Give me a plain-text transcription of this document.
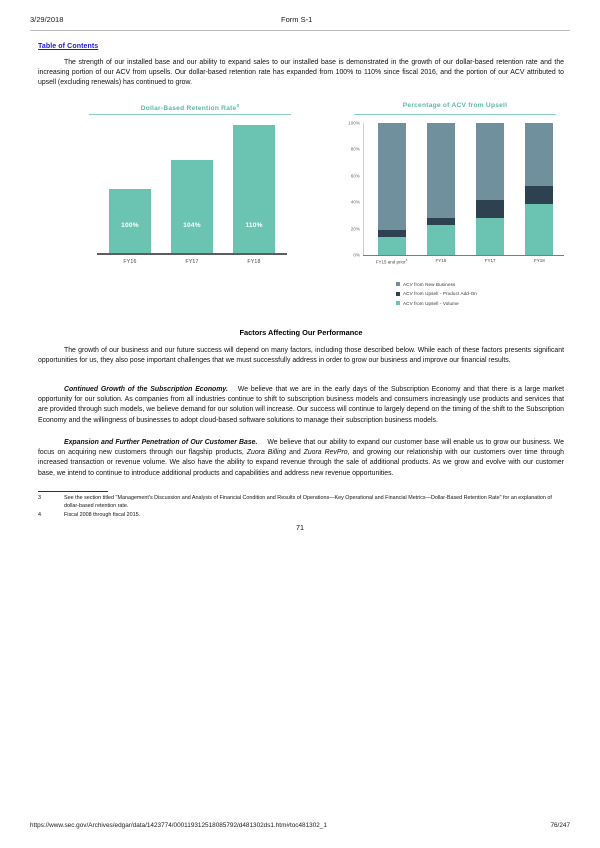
3/29/2018	Form S-1
Table of Contents
The strength of our installed base and our ability to expand sales to our installed base is demonstrated in the growth of our dollar-based retention rate and the increasing portion of our ACV from upsells. Our dollar-based retention rate has expanded from 100% to 110% since fiscal 2016, and the portion of our ACV attributed to upsell (excluding renewals) has continued to grow.
Dollar-Based Retention Rate$^3$
100%	104%	110%
FY16	FY17	FY18
Percentage of ACV from Upsell
0%
20%
40%
60%
80%
100%
FY15 and prior$^4$	FY16	FY17	FY18
ACV from New Business
ACV from Upsell - Product Add-On
ACV from Upsell - Volume
Factors Affecting Our Performance
The growth of our business and our future success will depend on many factors, including those described below. While each of these factors presents significant opportunities for us, they also pose important challenges that we must successfully address in order to grow our business and improve our financial results.
Continued Growth of the Subscription Economy. We believe that we are in the early days of the Subscription Economy and that there is a large market opportunity for our solution. As companies from all industries continue to shift to subscription business models and consumers increasingly use products and services that are provided through such models, we believe demand for our solution will increase. Our success will continue to largely depend on the timing of the shift to the Subscription Economy and the willingness of businesses to adopt cloud-based software solutions to manage their subscription business models.
Expansion and Further Penetration of Our Customer Base. We believe that our ability to expand our customer base will enable us to grow our business. We focus on acquiring new customers through our flagship products, Zuora Billing and Zuora RevPro, and growing our relationship with our customers over time through increased transaction or revenue volume. We also have the ability to expand revenue through the sale of additional products. As we grow and evolve with our customer base, we intend to continue to introduce additional products and capabilities and address new revenue opportunities.
3	See the section titled "Management's Discussion and Analysis of Financial Condition and Results of Operations—Key Operational and Financial Metrics—Dollar-Based Retention Rate" for an explanation of dollar-based retention rate.
4	Fiscal 2008 through fiscal 2015.
71
https://www.sec.gov/Archives/edgar/data/1423774/000119312518085792/d481302ds1.htm#toc481302_1	76/247
